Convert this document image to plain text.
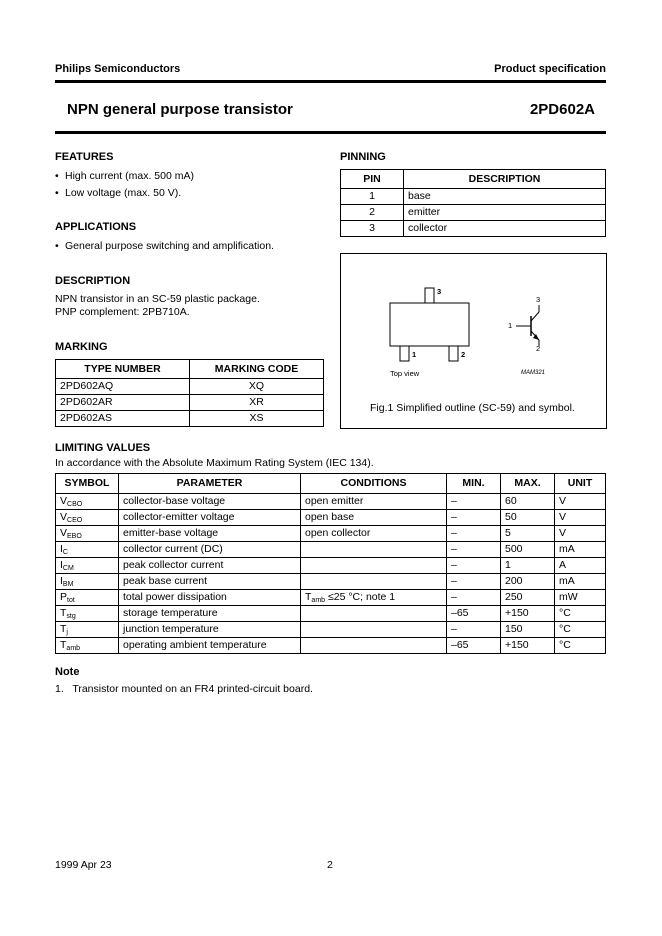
Philips Semiconductors	Product specification
NPN general purpose transistor	2PD602A
FEATURES
• High current (max. 500 mA)
• Low voltage (max. 50 V).
APPLICATIONS
• General purpose switching and amplification.
DESCRIPTION
NPN transistor in an SC-59 plastic package.
PNP complement: 2PB710A.
MARKING
TYPE NUMBER	MARKING CODE
2PD602AQ	XQ
2PD602AR	XR
2PD602AS	XS
PINNING
PIN	DESCRIPTION
1	base
2	emitter
3	collector
3
1	2
3
1
2
Top view	MAM321
Fig.1 Simplified outline (SC-59) and symbol.
LIMITING VALUES
In accordance with the Absolute Maximum Rating System (IEC 134).
SYMBOL	PARAMETER	CONDITIONS	MIN.	MAX.	UNIT
$V_{CBO}$	collector-base voltage	open emitter	–	60	V
$V_{CEO}$	collector-emitter voltage	open base	–	50	V
$V_{EBO}$	emitter-base voltage	open collector	–	5	V
$I_C$	collector current (DC)		–	500	mA
$I_{CM}$	peak collector current		–	1	A
$I_{BM}$	peak base current		–	200	mA
$P_{tot}$	total power dissipation	$T_{amb} \le 25$ °C; note 1	–	250	mW
$T_{stg}$	storage temperature		–65	+150	°C
$T_j$	junction temperature		–	150	°C
$T_{amb}$	operating ambient temperature		–65	+150	°C
Note
1.   Transistor mounted on an FR4 printed-circuit board.
1999 Apr 23	2
